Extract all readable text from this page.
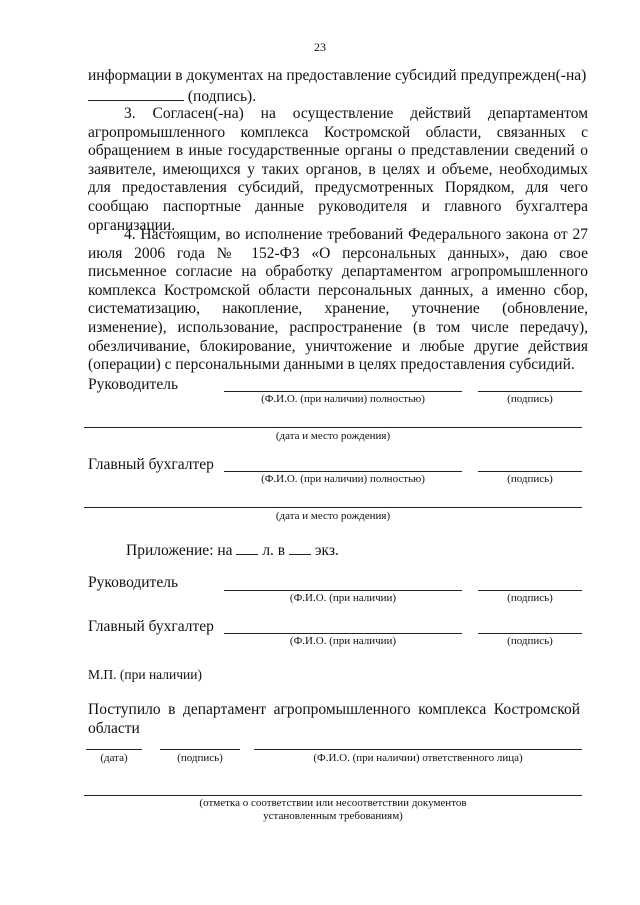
23
информации в документах на предоставление субсидий предупрежден(-на)
(подпись).
3. Согласен(-на) на осуществление действий департаментом агропромышленного комплекса Костромской области, связанных с обращением в иные государственные органы о представлении сведений о заявителе, имеющихся у таких органов, в целях и объеме, необходимых для предоставления субсидий, предусмотренных Порядком, для чего сообщаю паспортные данные руководителя и главного бухгалтера организации.
4. Настоящим, во исполнение требований Федерального закона от 27 июля 2006 года № 152-ФЗ «О персональных данных», даю свое письменное согласие на обработку департаментом агропромышленного комплекса Костромской области персональных данных, а именно сбор, систематизацию, накопление, хранение, уточнение (обновление, изменение), использование, распространение (в том числе передачу), обезличивание, блокирование, уничтожение и любые другие действия (операции) с персональными данными в целях предоставления субсидий.
Руководитель
(Ф.И.О. (при наличии) полностью)	(подпись)
(дата и место рождения)
Главный бухгалтер
(Ф.И.О. (при наличии) полностью)	(подпись)
(дата и место рождения)
Приложение: на л. в экз.
Руководитель
(Ф.И.О. (при наличии)	(подпись)
Главный бухгалтер
(Ф.И.О. (при наличии)	(подпись)
М.П. (при наличии)
Поступило в департамент агропромышленного комплекса Костромской области
(дата)	(подпись)	(Ф.И.О. (при наличии) ответственного лица)
(отметка о соответствии или несоответствии документов
установленным требованиям)
